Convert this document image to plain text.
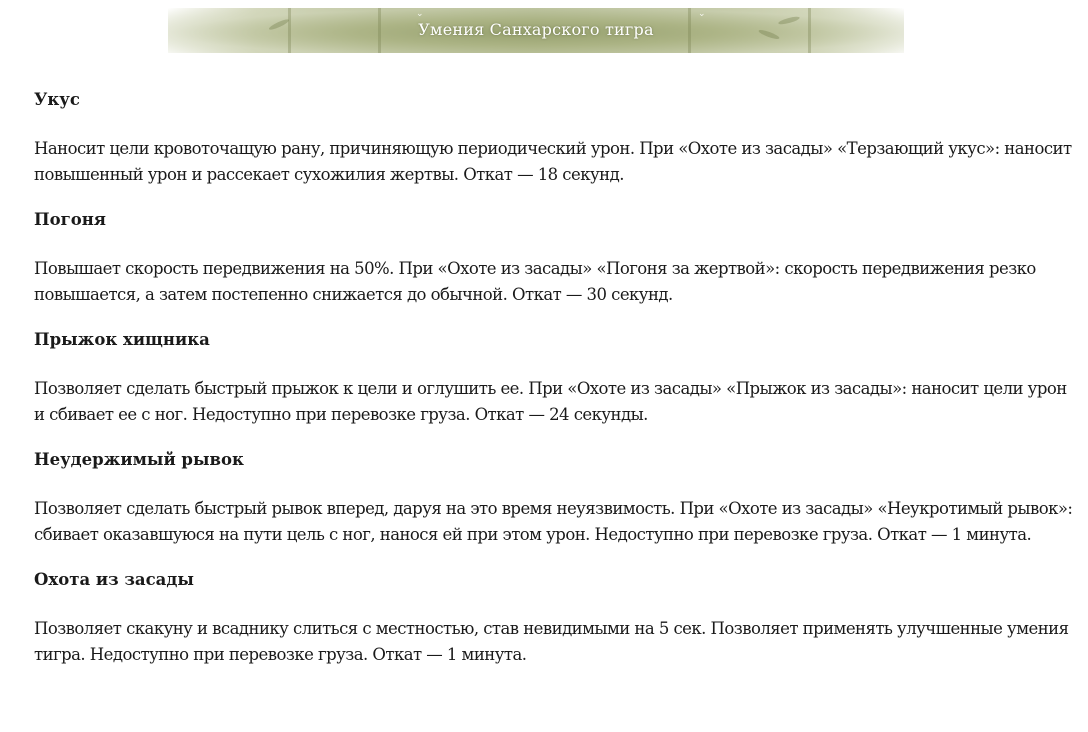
⌄	⌄
Умения Санхарского тигра
Укус
Наносит цели кровоточащую рану, причиняющую периодический урон. При «Охоте из засады» «Терзающий укус»: наносит повышенный урон и рассекает сухожилия жертвы. Откат — 18 секунд.
Погоня
Повышает скорость передвижения на 50%. При «Охоте из засады» «Погоня за жертвой»: скорость передвижения резко повышается, а затем постепенно снижается до обычной. Откат — 30 секунд.
Прыжок хищника
Позволяет сделать быстрый прыжок к цели и оглушить ее. При «Охоте из засады» «Прыжок из засады»: наносит цели урон и сбивает ее с ног. Недоступно при перевозке груза. Откат — 24 секунды.
Неудержимый рывок
Позволяет сделать быстрый рывок вперед, даруя на это время неуязвимость. При «Охоте из засады» «Неукротимый рывок»: сбивает оказавшуюся на пути цель с ног, нанося ей при этом урон. Недоступно при перевозке груза. Откат — 1 минута.
Охота из засады
Позволяет скакуну и всаднику слиться с местностью, став невидимыми на 5 сек. Позволяет применять улучшенные умения тигра. Недоступно при перевозке груза. Откат — 1 минута.
